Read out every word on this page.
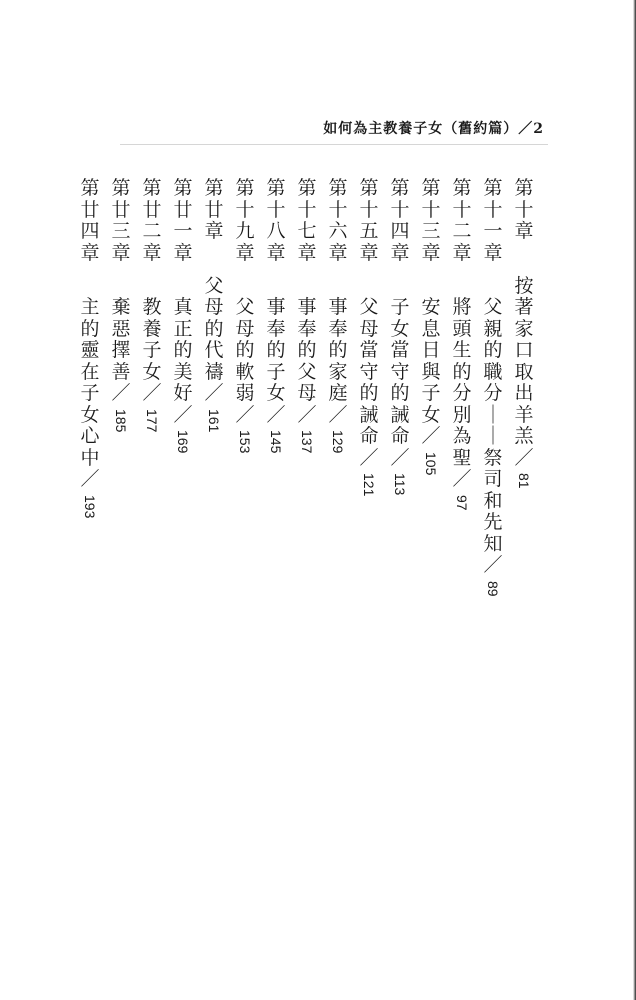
如何為主教養子女（舊約篇）／2
第
十
章
按
著
家
口
取
出
羊
羔
／
81
第
十
一
章
父
親
的
職
分
｜
｜
祭
司
和
先
知
／
89
第
十
二
章
將
頭
生
的
分
別
為
聖
／
97
第
十
三
章
安
息
日
與
子
女
／
105
第
十
四
章
子
女
當
守
的
誡
命
／
113
第
十
五
章
父
母
當
守
的
誡
命
／
121
第
十
六
章
事
奉
的
家
庭
／
129
第
十
七
章
事
奉
的
父
母
／
137
第
十
八
章
事
奉
的
子
女
／
145
第
十
九
章
父
母
的
軟
弱
／
153
第
廿
章
父
母
的
代
禱
／
161
第
廿
一
章
真
正
的
美
好
／
169
第
廿
二
章
教
養
子
女
／
177
第
廿
三
章
棄
惡
擇
善
／
185
第
廿
四
章
主
的
靈
在
子
女
心
中
／
193
